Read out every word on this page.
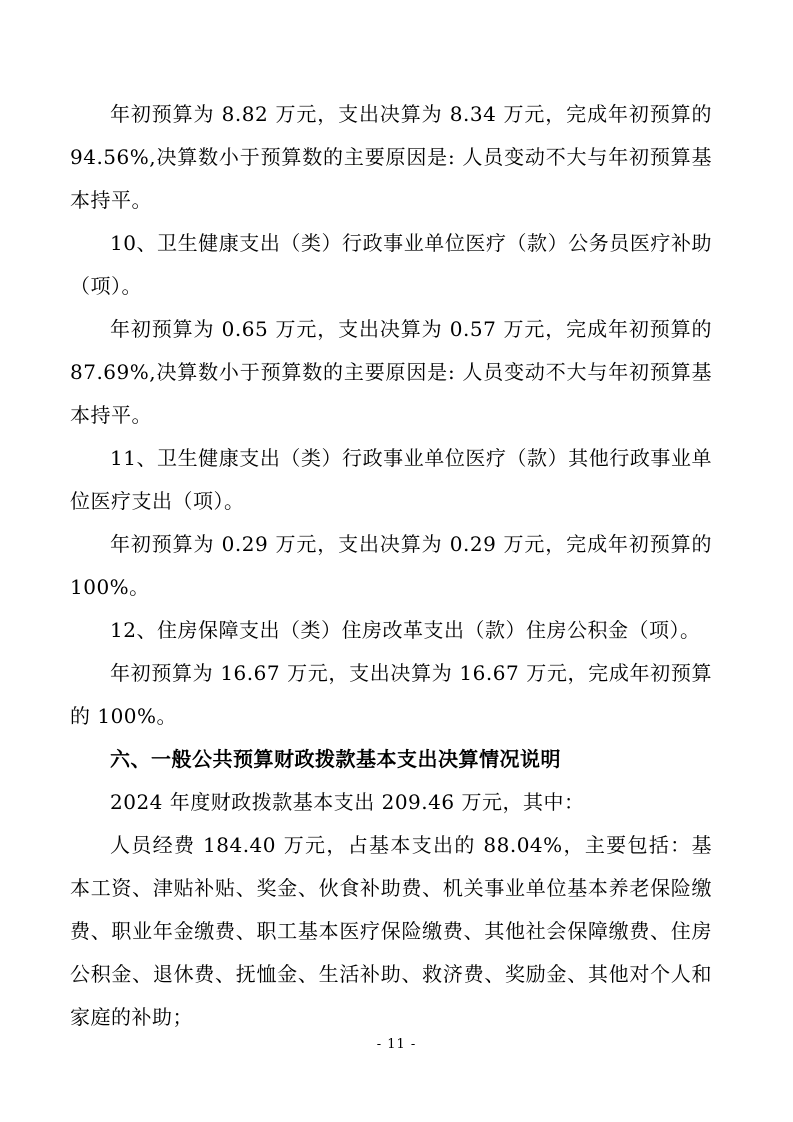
年初预算为 8.82 万元，支出决算为 8.34 万元，完成年初预算的 94.56%,决算数小于预算数的主要原因是: 人员变动不大与年初预算基本持平。

10、卫生健康支出（类）行政事业单位医疗（款）公务员医疗补助（项）。

年初预算为 0.65 万元，支出决算为 0.57 万元，完成年初预算的 87.69%,决算数小于预算数的主要原因是: 人员变动不大与年初预算基本持平。

11、卫生健康支出（类）行政事业单位医疗（款）其他行政事业单位医疗支出（项）。

年初预算为 0.29 万元，支出决算为 0.29 万元，完成年初预算的 100%。

12、住房保障支出（类）住房改革支出（款）住房公积金（项）。

年初预算为 16.67 万元，支出决算为 16.67 万元，完成年初预算的 100%。

六、一般公共预算财政拨款基本支出决算情况说明

2024 年度财政拨款基本支出 209.46 万元，其中：

人员经费 184.40 万元，占基本支出的 88.04%，主要包括：基本工资、津贴补贴、奖金、伙食补助费、机关事业单位基本养老保险缴费、职业年金缴费、职工基本医疗保险缴费、其他社会保障缴费、住房公积金、退休费、抚恤金、生活补助、救济费、奖励金、其他对个人和家庭的补助；

- 11 -
